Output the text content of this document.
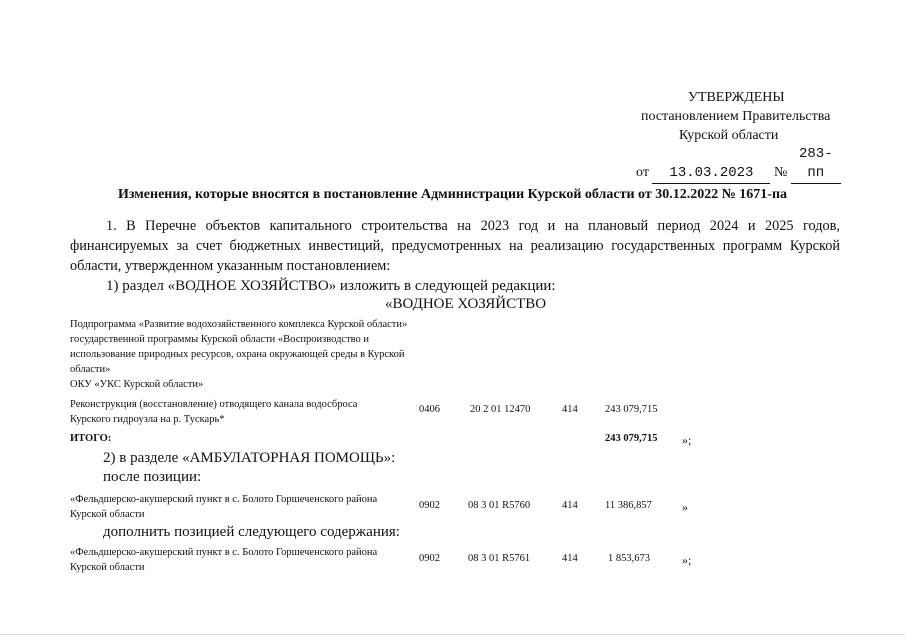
УТВЕРЖДЕНЫ
постановлением Правительства
Курской области
от 13.03.2023 № 283-пп
Изменения, которые вносятся в постановление Администрации Курской области от 30.12.2022 № 1671-па
1. В Перечне объектов капитального строительства на 2023 год и на плановый период 2024 и 2025 годов, финансируемых за счет бюджетных инвестиций, предусмотренных на реализацию государственных программ Курской области, утвержденном указанным постановлением:
1) раздел «ВОДНОЕ ХОЗЯЙСТВО» изложить в следующей редакции:
«ВОДНОЕ ХОЗЯЙСТВО
Подпрограмма «Развитие водохозяйственного комплекса Курской области» государственной программы Курской области «Воспроизводство и использование природных ресурсов, охрана окружающей среды в Курской области»
ОКУ «УКС Курской области»
Реконструкция (восстановление) отводящего канала водосброса Курского гидроузла на р. Тускарь*
0406	20 2 01 12470	414	243 079,715
ИТОГО:	243 079,715 »;
2) в разделе «АМБУЛАТОРНАЯ ПОМОЩЬ»:
после позиции:
«Фельдшерско-акушерский пункт в с. Болото Горшеченского района Курской области
0902	08 3 01 R5760	414	11 386,857	»
дополнить позицией следующего содержания:
«Фельдшерско-акушерский пункт в с. Болото Горшеченского района Курской области
0902	08 3 01 R5761	414	1 853,673	»;
